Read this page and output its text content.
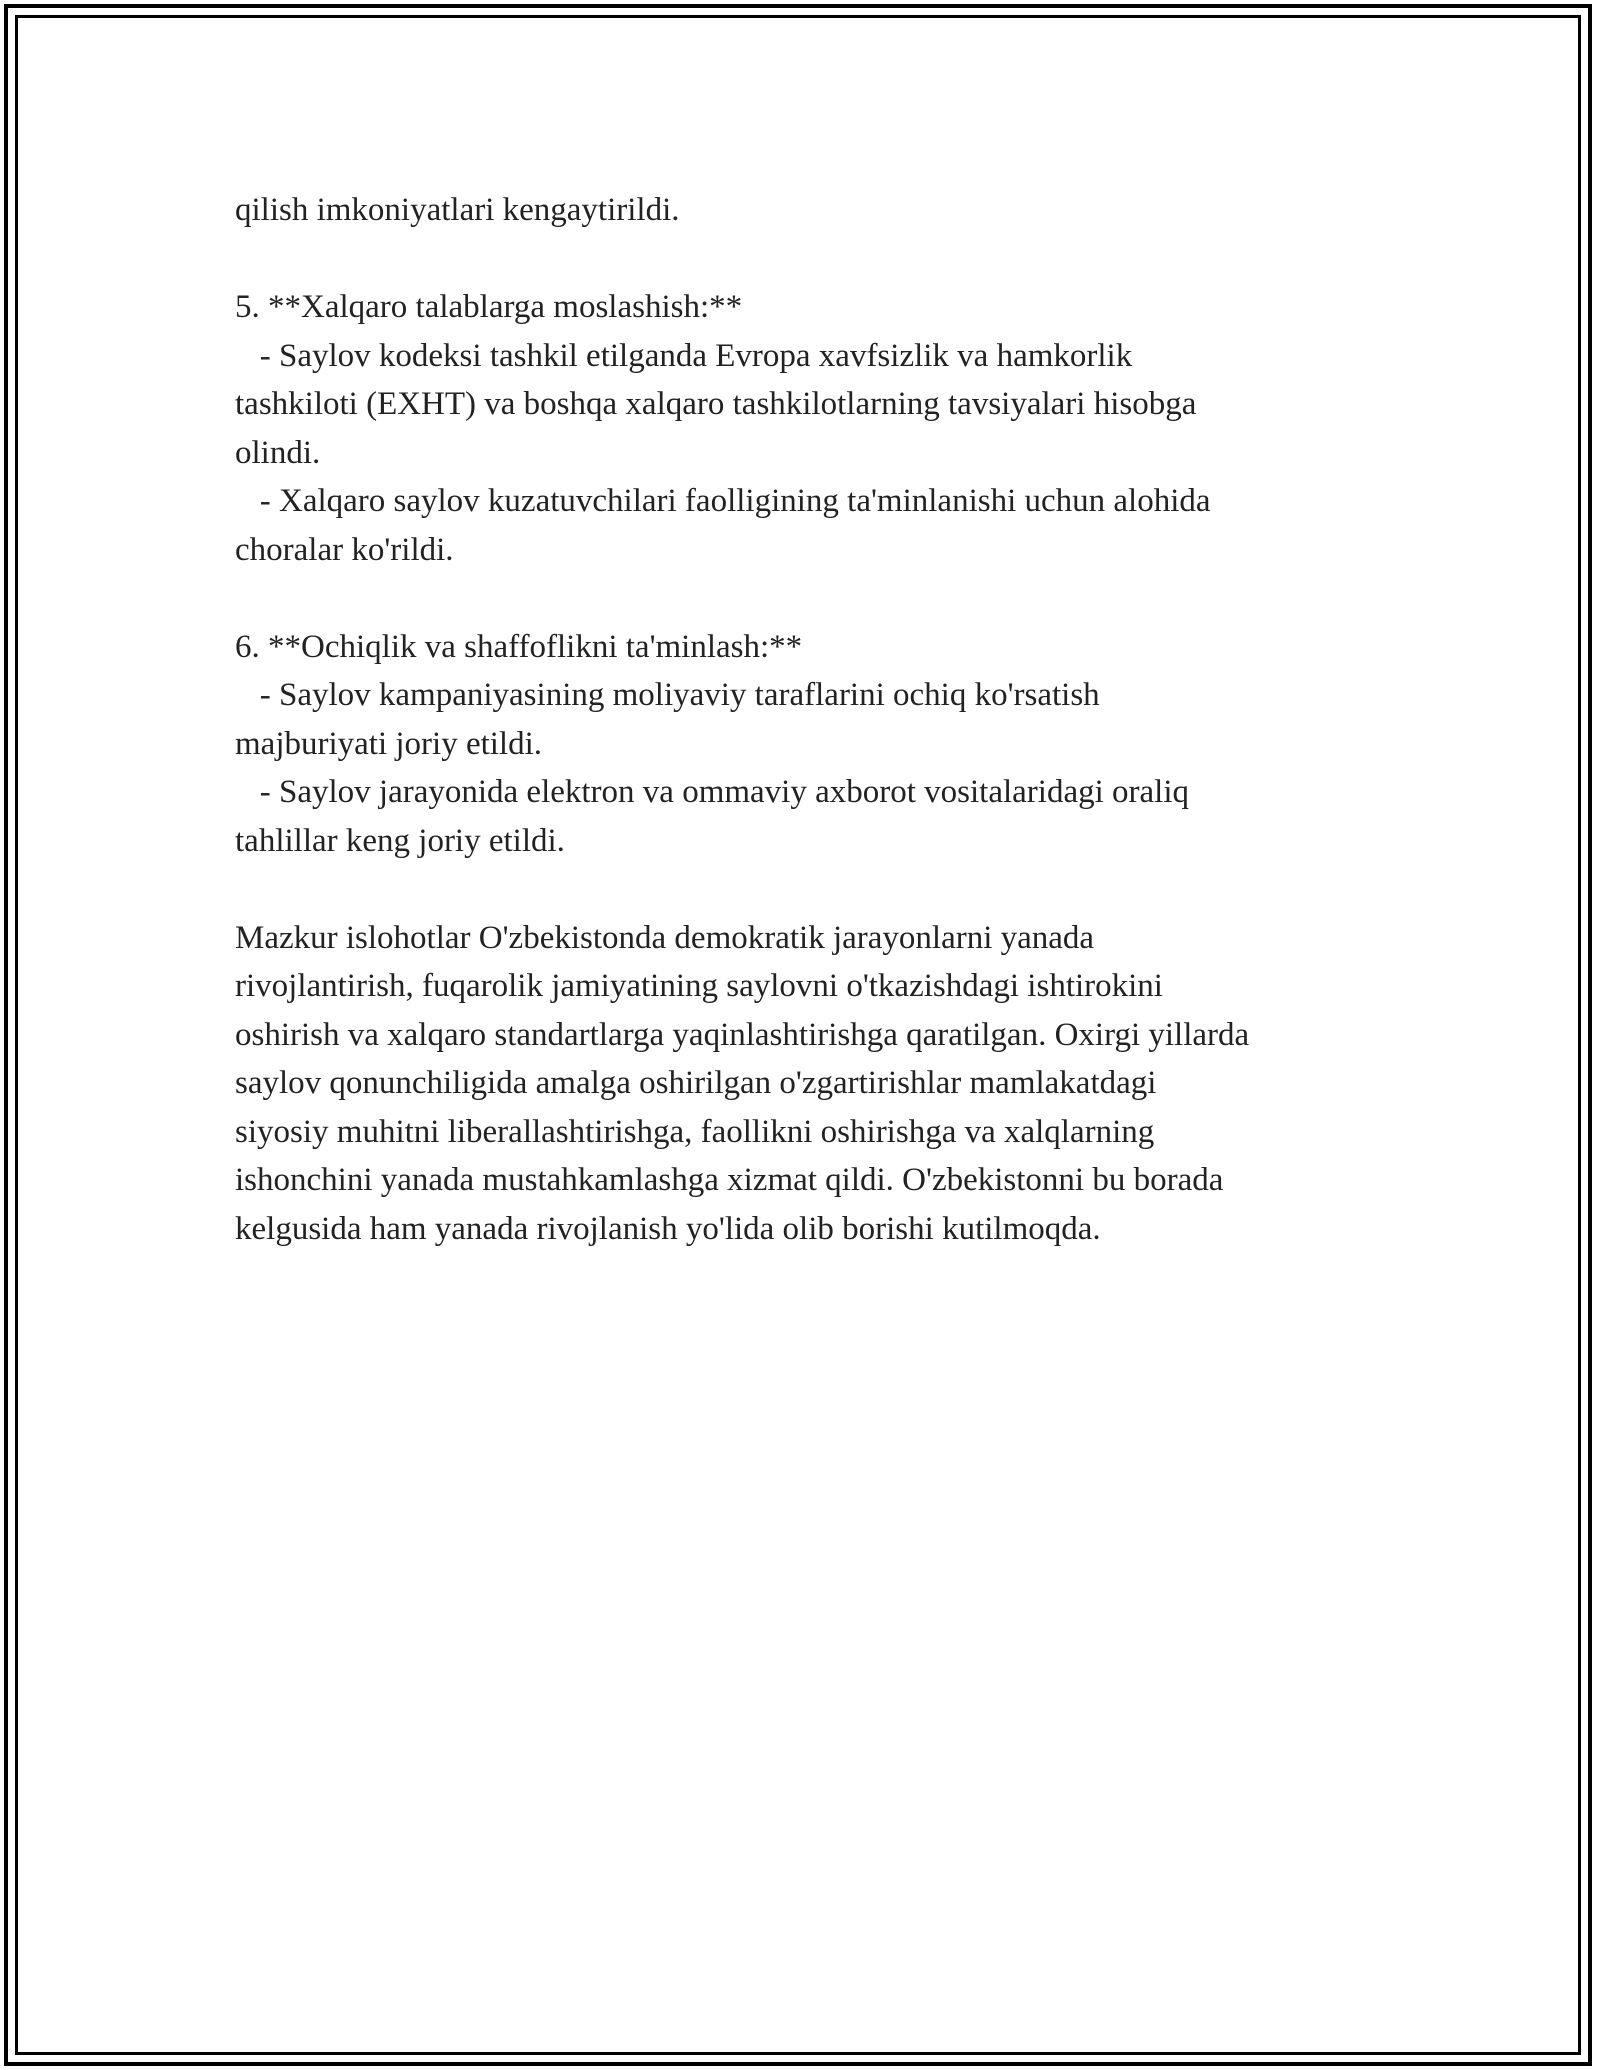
qilish imkoniyatlari kengaytirildi.
5. **Xalqaro talablarga moslashish:**
- Saylov kodeksi tashkil etilganda Evropa xavfsizlik va hamkorlik
tashkiloti (EXHT) va boshqa xalqaro tashkilotlarning tavsiyalari hisobga
olindi.
- Xalqaro saylov kuzatuvchilari faolligining ta'minlanishi uchun alohida
choralar ko'rildi.
6. **Ochiqlik va shaffoflikni ta'minlash:**
- Saylov kampaniyasining moliyaviy taraflarini ochiq ko'rsatish
majburiyati joriy etildi.
- Saylov jarayonida elektron va ommaviy axborot vositalaridagi oraliq
tahlillar keng joriy etildi.
Mazkur islohotlar O'zbekistonda demokratik jarayonlarni yanada
rivojlantirish, fuqarolik jamiyatining saylovni o'tkazishdagi ishtirokini
oshirish va xalqaro standartlarga yaqinlashtirishga qaratilgan. Oxirgi yillarda
saylov qonunchiligida amalga oshirilgan o'zgartirishlar mamlakatdagi
siyosiy muhitni liberallashtirishga, faollikni oshirishga va xalqlarning
ishonchini yanada mustahkamlashga xizmat qildi. O'zbekistonni bu borada
kelgusida ham yanada rivojlanish yo'lida olib borishi kutilmoqda.
